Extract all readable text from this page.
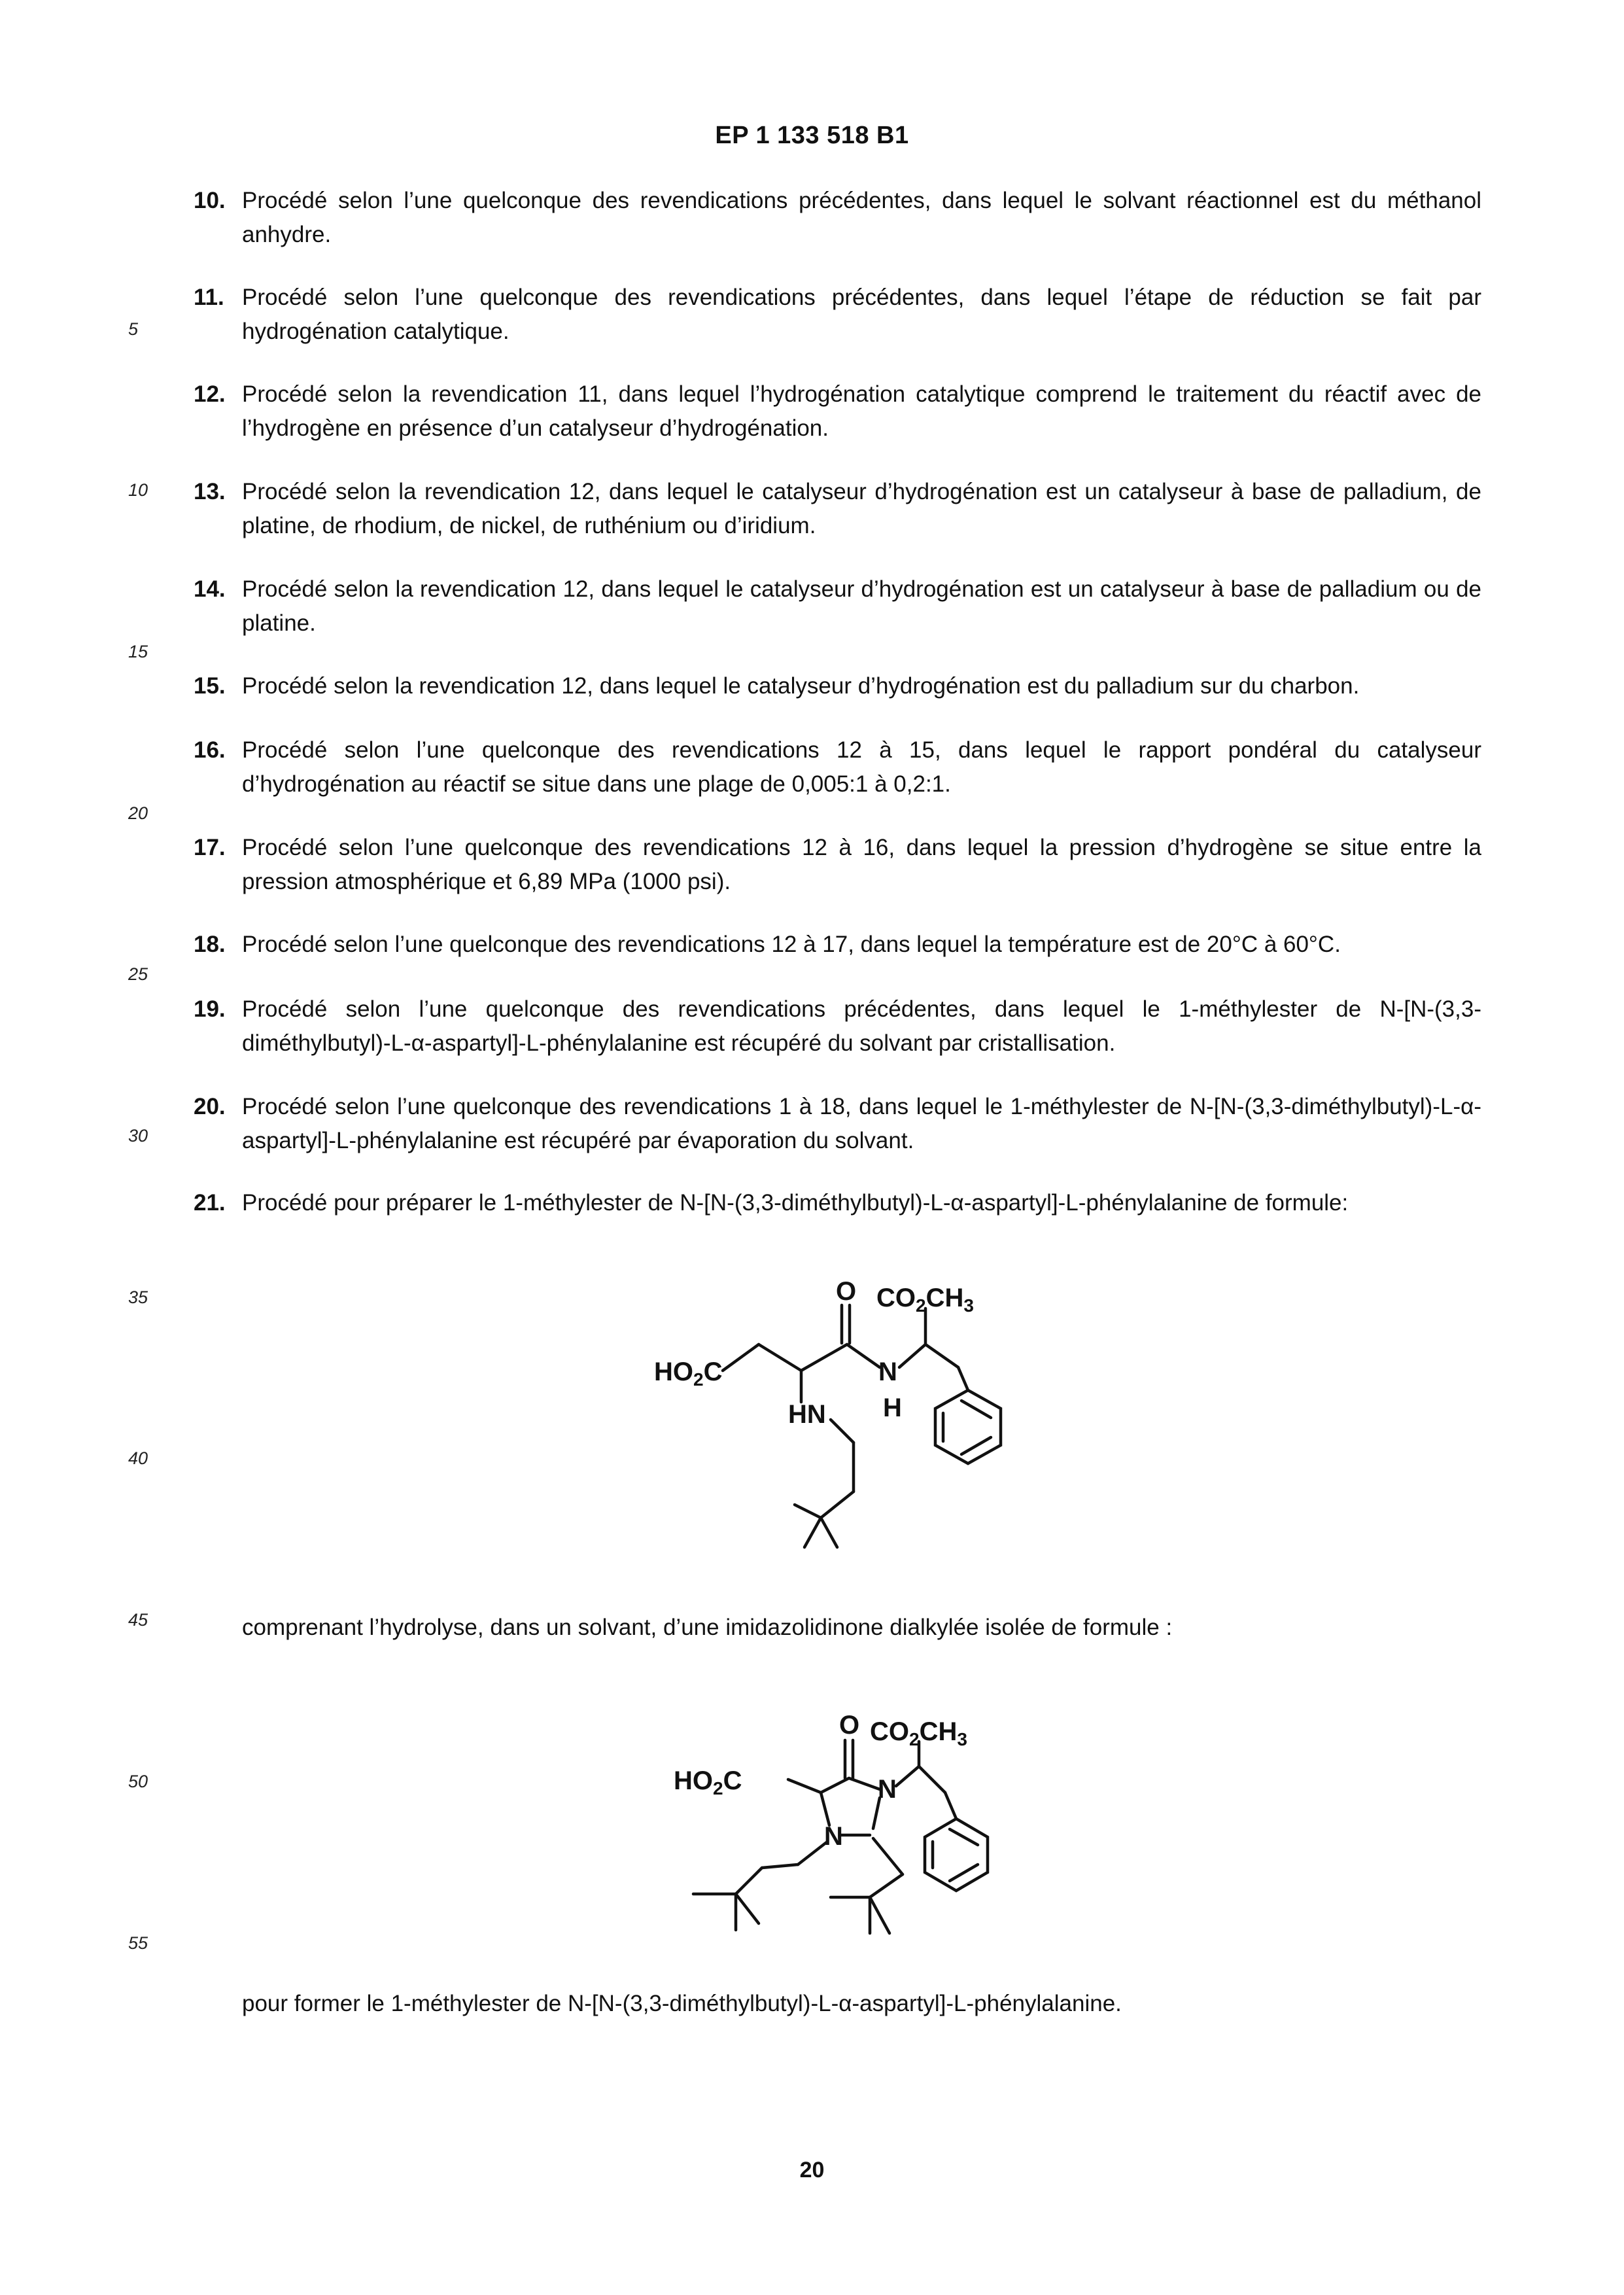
EP 1 133 518 B1
5
10
15
20
25
30
35
40
45
50
55
10. Procédé selon l’une quelconque des revendications précédentes, dans lequel le solvant réactionnel est du méthanol anhydre.
11. Procédé selon l’une quelconque des revendications précédentes, dans lequel l’étape de réduction se fait par hydrogénation catalytique.
12. Procédé selon la revendication 11, dans lequel l’hydrogénation catalytique comprend le traitement du réactif avec de l’hydrogène en présence d’un catalyseur d’hydrogénation.
13. Procédé selon la revendication 12, dans lequel le catalyseur d’hydrogénation est un catalyseur à base de palladium, de platine, de rhodium, de nickel, de ruthénium ou d’iridium.
14. Procédé selon la revendication 12, dans lequel le catalyseur d’hydrogénation est un catalyseur à base de palladium ou de platine.
15. Procédé selon la revendication 12, dans lequel le catalyseur d’hydrogénation est du palladium sur du charbon.
16. Procédé selon l’une quelconque des revendications 12 à 15, dans lequel le rapport pondéral du catalyseur d’hydrogénation au réactif se situe dans une plage de 0,005:1 à 0,2:1.
17. Procédé selon l’une quelconque des revendications 12 à 16, dans lequel la pression d’hydrogène se situe entre la pression atmosphérique et 6,89 MPa (1000 psi).
18. Procédé selon l’une quelconque des revendications 12 à 17, dans lequel la température est de 20°C à 60°C.
19. Procédé selon l’une quelconque des revendications précédentes, dans lequel le 1-méthylester de N-[N-(3,3-diméthylbutyl)-L-α-aspartyl]-L-phénylalanine est récupéré du solvant par cristallisation.
20. Procédé selon l’une quelconque des revendications 1 à 18, dans lequel le 1-méthylester de N-[N-(3,3-diméthylbutyl)-L-α-aspartyl]-L-phénylalanine est récupéré par évaporation du solvant.
21. Procédé pour préparer le 1-méthylester de N-[N-(3,3-diméthylbutyl)-L-α-aspartyl]-L-phénylalanine de formule:
O $CO_2CH_3$
$HO_2C$	N
H
HN
comprenant l’hydrolyse, dans un solvant, d’une imidazolidinone dialkylée isolée de formule :
O $CO_2CH_3$
$HO_2C$	N
N
pour former le 1-méthylester de N-[N-(3,3-diméthylbutyl)-L-α-aspartyl]-L-phénylalanine.
20
